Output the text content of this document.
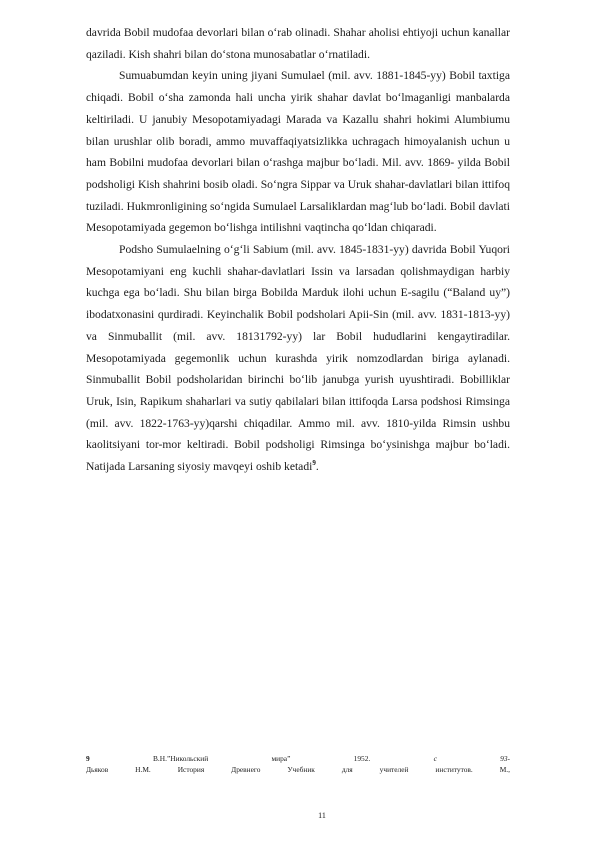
davrida Bobil mudofaa devorlari bilan o‘rab olinadi. Shahar aholisi ehtiyoji uchun kanallar qaziladi. Kish shahri bilan do‘stona munosabatlar o‘rnatiladi.

Sumuabumdan keyin uning jiyani Sumulael (mil. avv. 1881-1845-yy) Bobil taxtiga chiqadi. Bobil o‘sha zamonda hali uncha yirik shahar davlat bo‘lmaganligi manbalarda keltiriladi. U janubiy Mesopotamiyadagi Marada va Kazallu shahri hokimi Alumbiumu bilan urushlar olib boradi, ammo muvaffaqiyatsizlikka uchragach himoyalanish uchun u ham Bobilni mudofaa devorlari bilan o‘rashga majbur bo‘ladi. Mil. avv. 1869- yilda Bobil podsholigi Kish shahrini bosib oladi. So‘ngra Sippar va Uruk shahar-davlatlari bilan ittifoq tuziladi. Hukmronligining so‘ngida Sumulael Larsaliklardan mag‘lub bo‘ladi. Bobil davlati Mesopotamiyada gegemon bo‘lishga intilishni vaqtincha qo‘ldan chiqaradi.

Podsho Sumulaelning o‘g‘li Sabium (mil. avv. 1845-1831-yy) davrida Bobil Yuqori Mesopotamiyani eng kuchli shahar-davlatlari Issin va larsadan qolishmaydigan harbiy kuchga ega bo‘ladi. Shu bilan birga Bobilda Marduk ilohi uchun E-sagilu (“Baland uy”) ibodatxonasini qurdiradi. Keyinchalik Bobil podsholari Apii-Sin (mil. avv. 1831-1813-yy) va Sinmuballit (mil. avv. 18131792-yy) lar Bobil hududlarini kengaytiradilar. Mesopotamiyada gegemonlik uchun kurashda yirik nomzodlardan biriga aylanadi. Sinmuballit Bobil podsholaridan birinchi bo‘lib janubga yurish uyushtiradi. Bobilliklar Uruk, Isin, Rapikum shaharlari va sutiy qabilalari bilan ittifoqda Larsa podshosi Rimsinga (mil. avv. 1822-1763-yy)qarshi chiqadilar. Ammo mil. avv. 1810-yilda Rimsin ushbu kaolitsiyani tor-mor keltiradi. Bobil podsholigi Rimsinga bo‘ysinishga majbur bo‘ladi. Natijada Larsaning siyosiy mavqeyi oshib ketadi$^9$.

9 В.Н.”Никольский мира” 1952.	с 93-
Дьяков Н.М. История Древнего Учебник для учителей институтов. М.,
11
